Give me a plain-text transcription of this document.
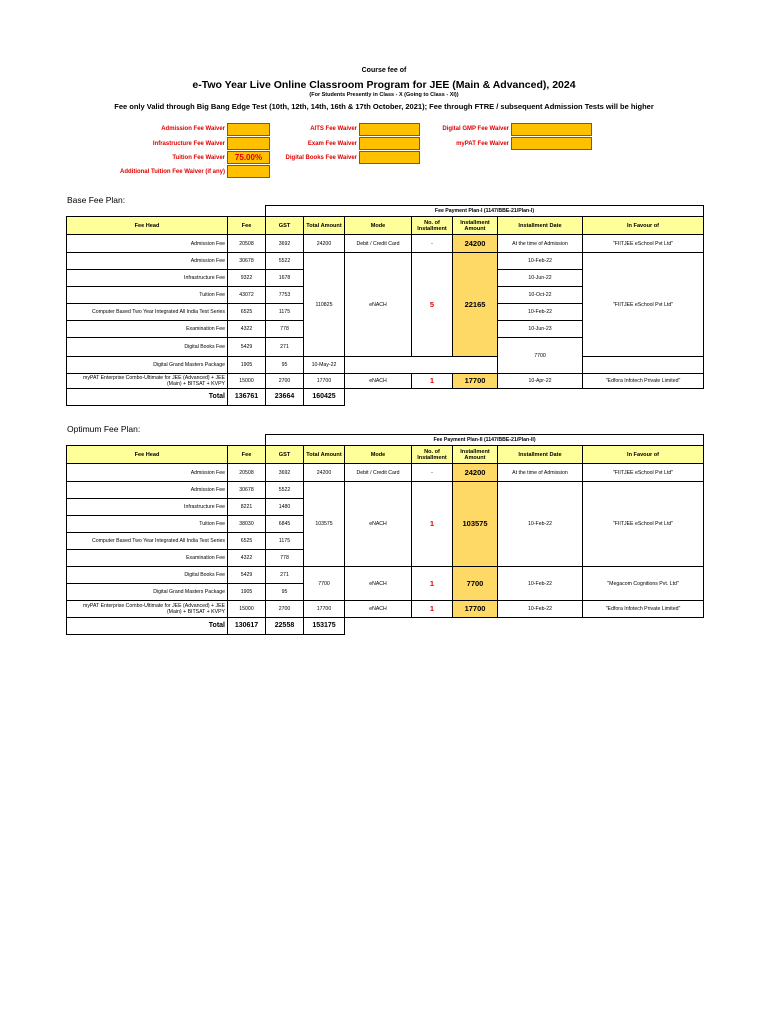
Course fee of
e-Two Year Live Online Classroom Program for JEE (Main & Advanced), 2024
(For Students Presently in Class - X (Going to Class - XI))
Fee only Valid through Big Bang Edge Test (10th, 12th, 14th, 16th & 17th October, 2021); Fee through FTRE / subsequent Admission Tests will be higher
Admission Fee Waiver
Infrastructure Fee Waiver
Tuition Fee Waiver	75.00%
Additional Tuition Fee Waiver (if any)
AITS Fee Waiver
Exam Fee Waiver
Digital Books Fee Waiver
Digital GMP Fee Waiver
myPAT Fee Waiver
Base Fee Plan:
		Fee Payment Plan-I (1147/BBE-21/Plan-I)							
Fee Head	Fee	GST	Total Amount	Mode	No. of Installment	Installment Amount	Installment Date	In Favour of	
Admission Fee	20508	3692	24200	Debit / Credit Card	-	24200	At the time of Admission	"FIITJEE eSchool Pvt Ltd"	
Admission Fee	30678	5522	110825	eNACH	5	22165	10-Feb-22	"FIITJEE eSchool Pvt Ltd"	
Infrastructure Fee	9322	1678					10-Jun-22		
Tuition Fee	43072	7753					10-Oct-22		
Computer Based Two Year Integrated All India Test Series	6525	1175					10-Feb-22		
Examination Fee	4322	778					10-Jun-23		
Digital Books Fee	5429	271					7700					
Digital Grand Masters Package	1905	95	10-May-22						
myPAT Enterprise Combo-Ultimate for JEE (Advanced) + JEE (Main) + BITSAT + KVPY	15000	2700	17700	eNACH	1	17700	10-Apr-22	"Edfora Infotech Private Limited"	
Total	136761	23664	160425						
Optimum Fee Plan:
		Fee Payment Plan-II (1147/BBE-21/Plan-II)						
Fee Head	Fee	GST	Total Amount	Mode	No. of Installment	Installment Amount	Installment Date	In Favour of
Admission Fee	20508	3692	24200	Debit / Credit Card	-	24200	At the time of Admission	"FIITJEE eSchool Pvt Ltd"
Admission Fee	30678	5522	103575	eNACH	1	103575	10-Feb-22	"FIITJEE eSchool Pvt Ltd"
Infrastructure Fee	8221	1480						
Tuition Fee	38030	6845						
Computer Based Two Year Integrated All India Test Series	6525	1175						
Examination Fee	4322	778						
Digital Books Fee	5429	271	7700	eNACH	1	7700	10-Feb-22	"Megacom Cognitions Pvt. Ltd"
Digital Grand Masters Package	1905	95						
myPAT Enterprise Combo-Ultimate for JEE (Advanced) + JEE (Main) + BITSAT + KVPY	15000	2700	17700	eNACH	1	17700	10-Feb-22	"Edfora Infotech Private Limited"
Total	130617	22558	153175					
